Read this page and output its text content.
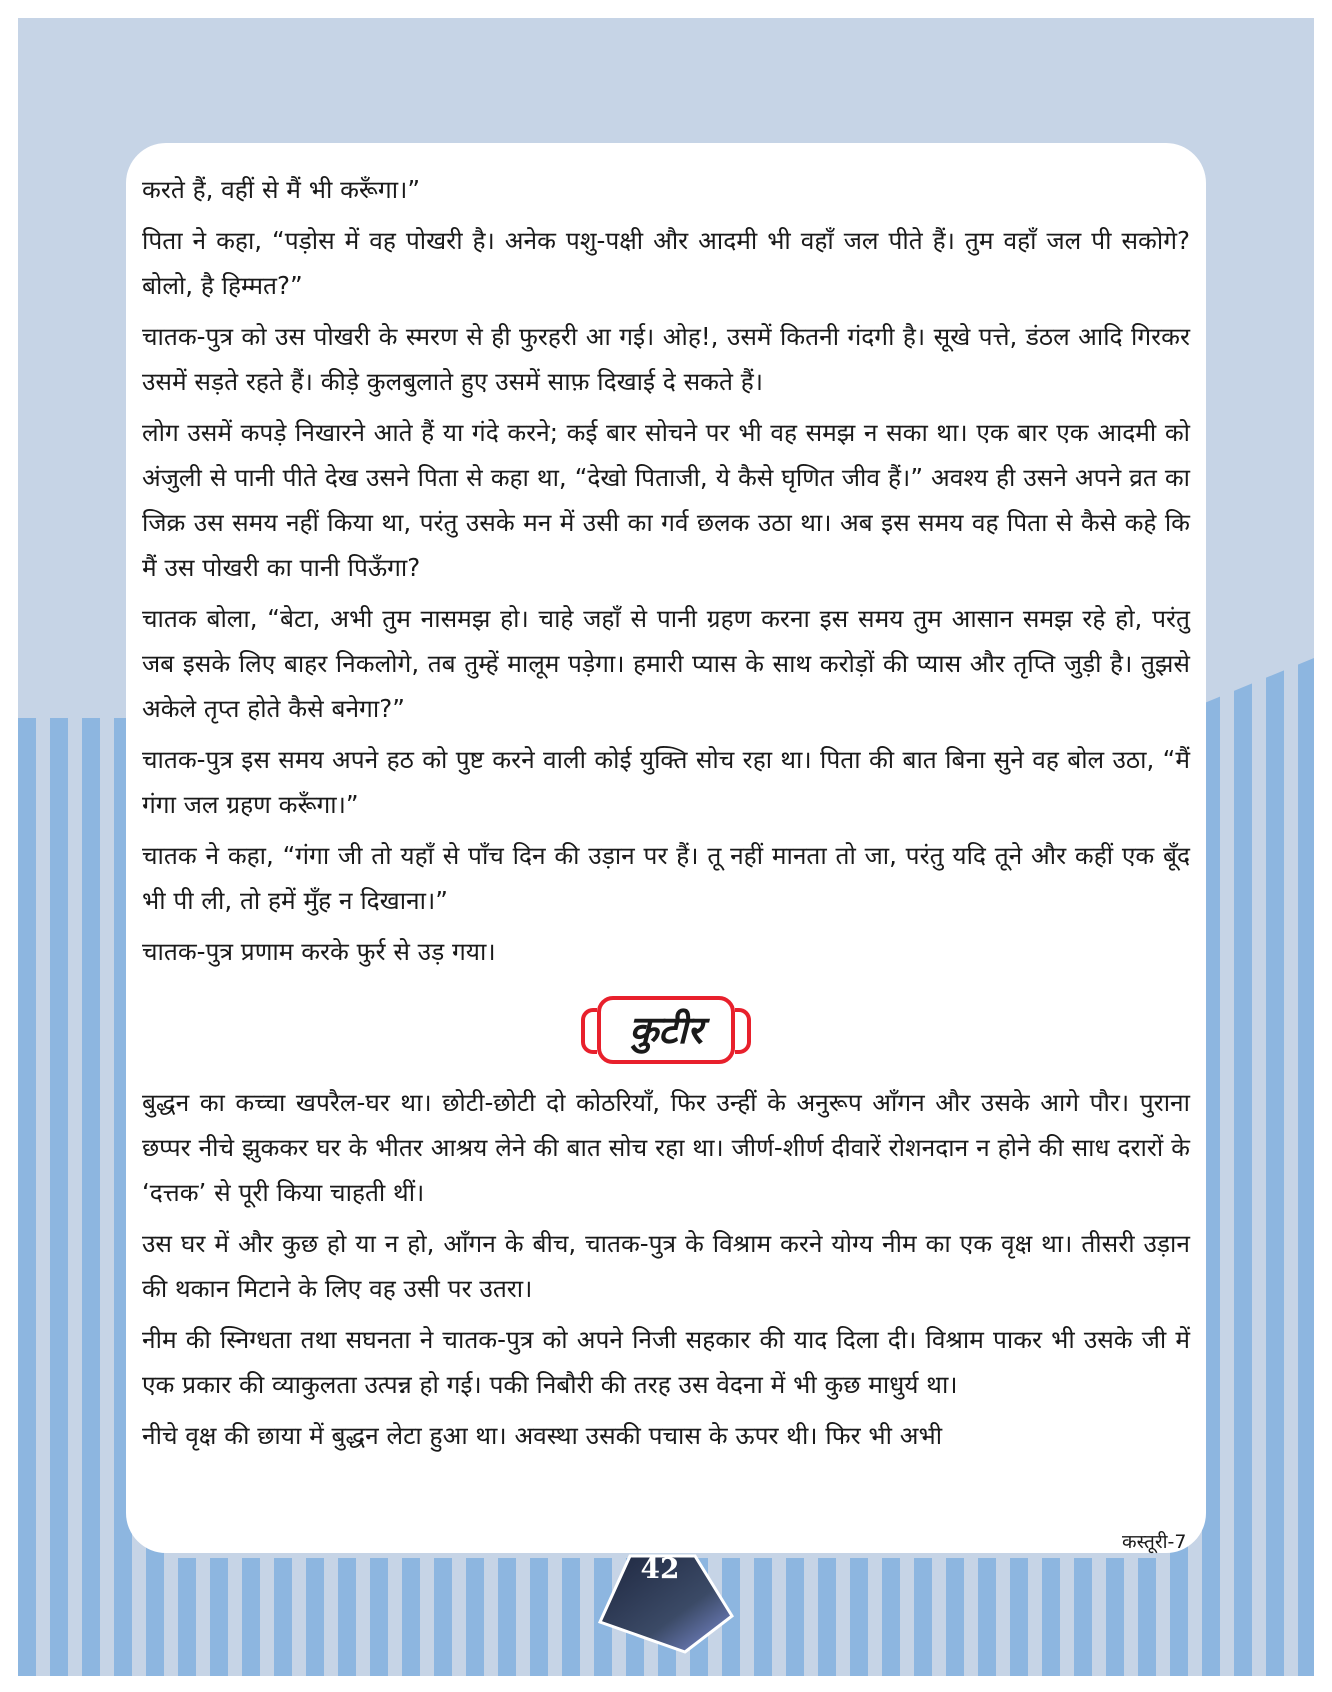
करते हैं, वहीं से मैं भी करूँगा।”

पिता ने कहा, “पड़ोस में वह पोखरी है। अनेक पशु-पक्षी और आदमी भी वहाँ जल पीते हैं। तुम वहाँ जल पी सकोगे? बोलो, है हिम्मत?”

चातक-पुत्र को उस पोखरी के स्मरण से ही फुरहरी आ गई। ओह!, उसमें कितनी गंदगी है। सूखे पत्ते, डंठल आदि गिरकर उसमें सड़ते रहते हैं। कीड़े कुलबुलाते हुए उसमें साफ़ दिखाई दे सकते हैं।

लोग उसमें कपड़े निखारने आते हैं या गंदे करने; कई बार सोचने पर भी वह समझ न सका था। एक बार एक आदमी को अंजुली से पानी पीते देख उसने पिता से कहा था, “देखो पिताजी, ये कैसे घृणित जीव हैं।” अवश्य ही उसने अपने व्रत का जिक्र उस समय नहीं किया था, परंतु उसके मन में उसी का गर्व छलक उठा था। अब इस समय वह पिता से कैसे कहे कि मैं उस पोखरी का पानी पिऊँगा?

चातक बोला, “बेटा, अभी तुम नासमझ हो। चाहे जहाँ से पानी ग्रहण करना इस समय तुम आसान समझ रहे हो, परंतु जब इसके लिए बाहर निकलोगे, तब तुम्हें मालूम पड़ेगा। हमारी प्यास के साथ करोड़ों की प्यास और तृप्ति जुड़ी है। तुझसे अकेले तृप्त होते कैसे बनेगा?”

चातक-पुत्र इस समय अपने हठ को पुष्ट करने वाली कोई युक्ति सोच रहा था। पिता की बात बिना सुने वह बोल उठा, “मैं गंगा जल ग्रहण करूँगा।”

चातक ने कहा, “गंगा जी तो यहाँ से पाँच दिन की उड़ान पर हैं। तू नहीं मानता तो जा, परंतु यदि तूने और कहीं एक बूँद भी पी ली, तो हमें मुँह न दिखाना।”

चातक-पुत्र प्रणाम करके फुर्र से उड़ गया।

कुटीर

बुद्धन का कच्चा खपरैल-घर था। छोटी-छोटी दो कोठरियाँ, फिर उन्हीं के अनुरूप आँगन और उसके आगे पौर। पुराना छप्पर नीचे झुककर घर के भीतर आश्रय लेने की बात सोच रहा था। जीर्ण-शीर्ण दीवारें रोशनदान न होने की साध दरारों के ‘दत्तक’ से पूरी किया चाहती थीं।

उस घर में और कुछ हो या न हो, आँगन के बीच, चातक-पुत्र के विश्राम करने योग्य नीम का एक वृक्ष था। तीसरी उड़ान की थकान मिटाने के लिए वह उसी पर उतरा।

नीम की स्निग्धता तथा सघनता ने चातक-पुत्र को अपने निजी सहकार की याद दिला दी। विश्राम पाकर भी उसके जी में एक प्रकार की व्याकुलता उत्पन्न हो गई। पकी निबौरी की तरह उस वेदना में भी कुछ माधुर्य था।

नीचे वृक्ष की छाया में बुद्धन लेटा हुआ था। अवस्था उसकी पचास के ऊपर थी। फिर भी अभी

कस्तूरी-7
42
